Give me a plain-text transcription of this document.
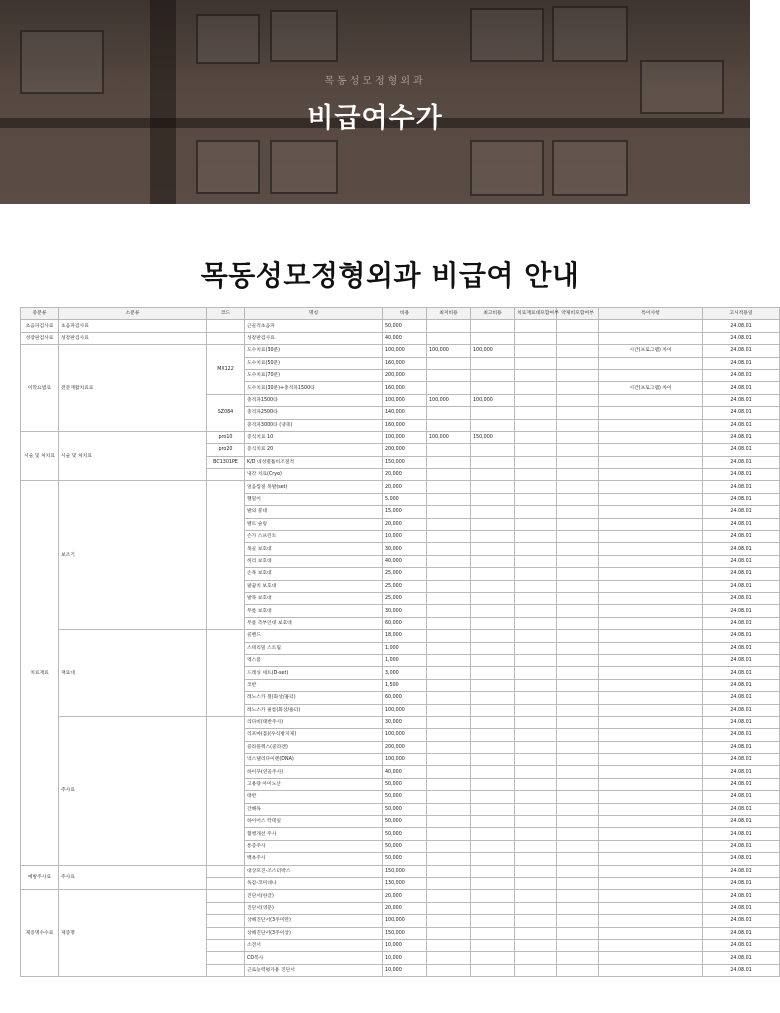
목동성모정형외과
비급여수가
목동성모정형외과 비급여 안내
중분류	소분류	코드	명칭	비용	최저비용	최고비용	치료재료대포함여부	약제비포함여부	특이사항	고시적용일
초음파검사료	초음파검사료		근골격초음파	50,000						24.08.01
성장판검사료	성장판검사료		성장판검사료	40,000						24.08.01
이학요법료	전문재활치료료	MX122	도수치료(30분)	100,000	100,000	100,000			시간(프로그램) 차이	24.08.01
			도수치료(50분)	160,000						24.08.01
			도수치료(70분)	200,000						24.08.01
			도수치료(30분)+충격파1500타	160,000					시간(프로그램) 차이	24.08.01
		SZ084	충격파1500타	100,000	100,000	100,000				24.08.01
			충격파2500타	140,000						24.08.01
			충격파3000타 (냉축)	160,000						24.08.01
시술 및 처치료	시술 및 처치료	pro10	증식치료 10	100,000	100,000	150,000				24.08.01
		pro20	증식치료 20	200,000						24.08.01
		BC1301PE	K/D 네성렬톨비조절적	150,000						24.08.01
			냉각 치료(Cryo)	20,000						24.08.01
치료재료	보조기		얼음찜질 목발(set)	20,000						24.08.01
			헬밀어	5,000						24.08.01
			발의 붕대	15,000						24.08.01
			벨트 슬링	20,000						24.08.01
			손가 스프린트	10,000						24.08.01
			목골 보호대	30,000						24.08.01
			허리 보호대	40,000						24.08.01
			손목 보호대	25,000						24.08.01
			팔꿈치 보호대	25,000						24.08.01
			발목 보호대	25,000						24.08.01
			무릎 보호대	30,000						24.08.01
			무릎 측부인대 보호대	60,000						24.08.01
	재료대		콜밴드	18,000						24.08.01
			스테리밀 스트립	1,000						24.08.01
			엑스폼	1,000						24.08.01
			드레싱 세트(D-set)	3,000						24.08.01
			코반	1,500						24.08.01
			레노스카 겔(화상/흉터)	60,000						24.08.01
			레노스카 필름(화상/흉터)	100,000						24.08.01
	주사료		리다비(태반주사)	30,000						24.08.01
			리포마(몸)(우식방지제)	100,000						24.08.01
			콜라플렉스(콜라겐)	200,000						24.08.01
			넥스텔리다이렌(DNA)	100,000						24.08.01
			하이쿠(연골주사)	40,000						24.08.01
			고용량 아미노산	50,000						24.08.01
			태반	50,000						24.08.01
			간해독	50,000						24.08.01
			하이어스 칵테일	50,000						24.08.01
			혈행개선 주사	50,000						24.08.01
			통증주사	50,000						24.08.01
			백옥주사	50,000						24.08.01
예방주사료	주사료		대상포진-조스터박스	150,000						24.08.01
			독감-코미네나	130,000						24.08.01
제증명수수료	제증명		진단서(한글)	20,000						24.08.01
			진단서(영문)	20,000						24.08.01
			상해진단서(3주미만)	100,000						24.08.01
			상해진단서(3주이상)	150,000						24.08.01
			소견서	10,000						24.08.01
			CD복사	10,000						24.08.01
			근로능력평가용 진단서	10,000						24.08.01
